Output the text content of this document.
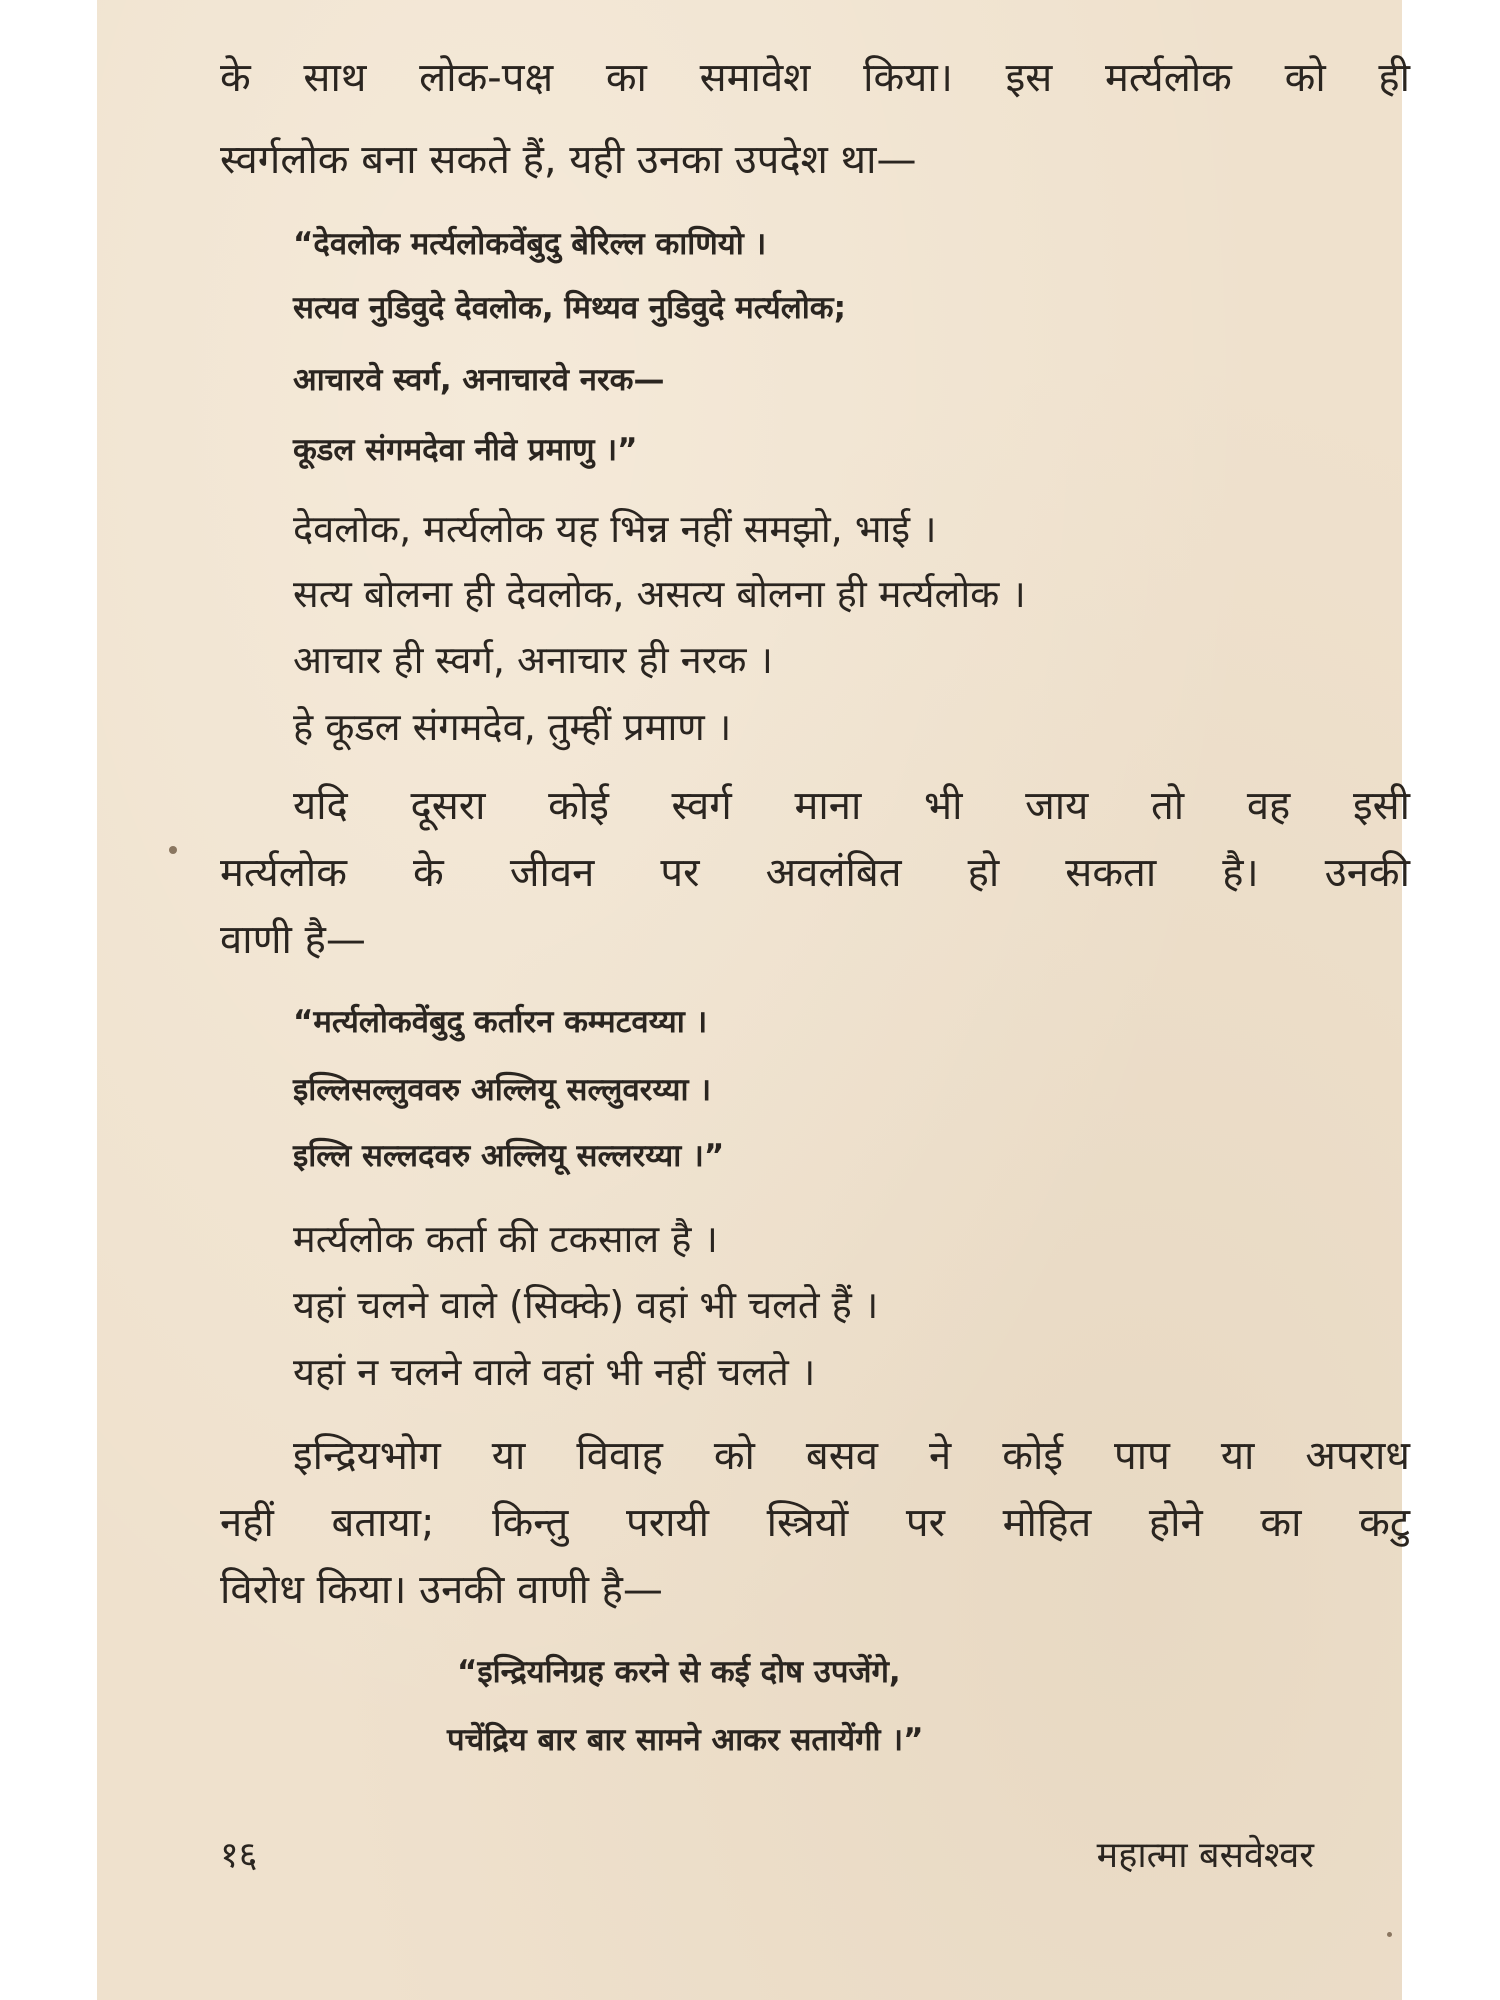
के साथ लोक-पक्ष का समावेश किया। इस मर्त्यलोक को ही
स्वर्गलोक बना सकते हैं, यही उनका उपदेश था—
“देवलोक मर्त्यलोकवेंबुदु बेरिल्ल काणियो ।
सत्यव नुडिवुदे देवलोक, मिथ्यव नुडिवुदे मर्त्यलोक;
आचारवे स्वर्ग, अनाचारवे नरक—
कूडल संगमदेवा नीवे प्रमाणु ।”
देवलोक, मर्त्यलोक यह भिन्न नहीं समझो, भाई ।
सत्य बोलना ही देवलोक, असत्य बोलना ही मर्त्यलोक ।
आचार ही स्वर्ग, अनाचार ही नरक ।
हे कूडल संगमदेव, तुम्हीं प्रमाण ।
यदि दूसरा कोई स्वर्ग माना भी जाय तो वह इसी
मर्त्यलोक के जीवन पर अवलंबित हो सकता है। उनकी
वाणी है—
“मर्त्यलोकवेंबुदु कर्तारन कम्मटवय्या ।
इल्लिसल्लुववरु अल्लियू सल्लुवरय्या ।
इल्लि सल्लदवरु अल्लियू सल्लरय्या ।”
मर्त्यलोक कर्ता की टकसाल है ।
यहां चलने वाले (सिक्के) वहां भी चलते हैं ।
यहां न चलने वाले वहां भी नहीं चलते ।
इन्द्रियभोग या विवाह को बसव ने कोई पाप या अपराध
नहीं बताया; किन्तु परायी स्त्रियों पर मोहित होने का कटु
विरोध किया। उनकी वाणी है—
“इन्द्रियनिग्रह करने से कई दोष उपजेंगे,
पचेंद्रिय बार बार सामने आकर सतायेंगी ।”
१६	महात्मा बसवेश्वर
